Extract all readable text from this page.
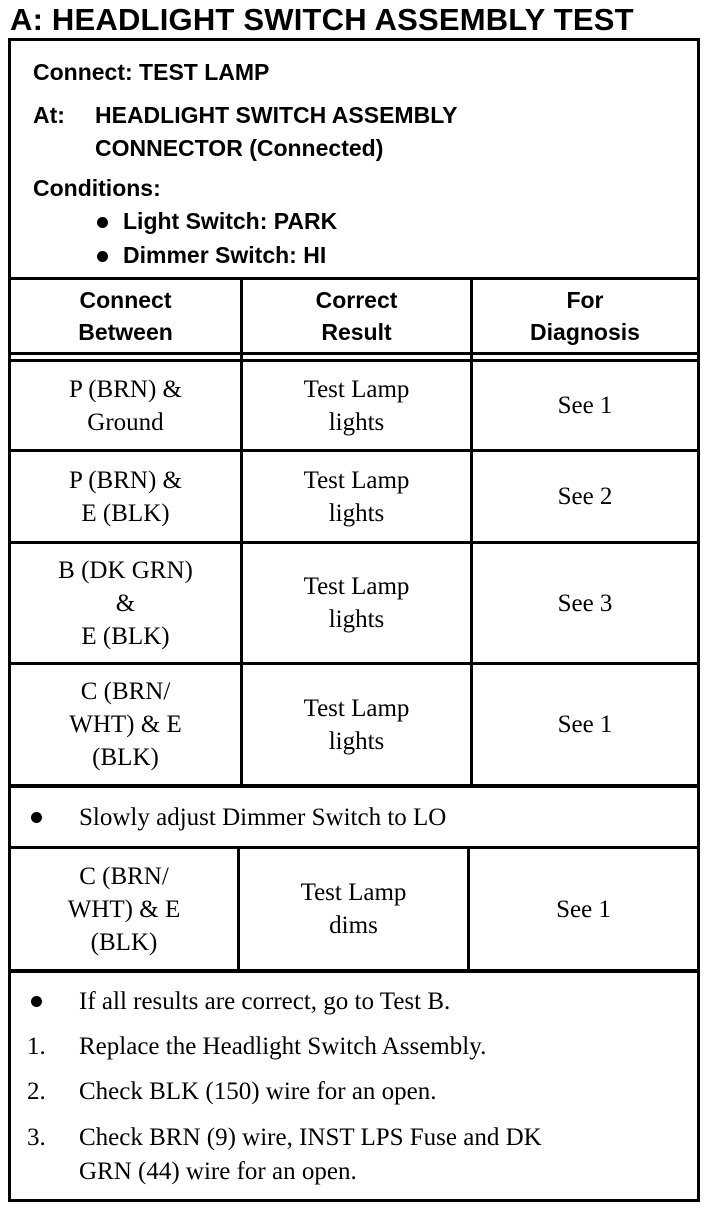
A: HEADLIGHT SWITCH ASSEMBLY TEST
Connect: TEST LAMP
At: HEADLIGHT SWITCH ASSEMBLY
CONNECTOR (Connected)
Conditions:
Light Switch: PARK
Dimmer Switch: HI
Connect
Between
Correct
Result
For
Diagnosis
P (BRN) &
Ground
Test Lamp
lights
See 1
P (BRN) &
E (BLK)
Test Lamp
lights
See 2
B (DK GRN)
&
E (BLK)
Test Lamp
lights
See 3
C (BRN/
WHT) & E
(BLK)
Test Lamp
lights
See 1
Slowly adjust Dimmer Switch to LO
C (BRN/
WHT) & E
(BLK)
Test Lamp
dims
See 1
If all results are correct, go to Test B.
1. Replace the Headlight Switch Assembly.
2. Check BLK (150) wire for an open.
3. Check BRN (9) wire, INST LPS Fuse and DK
GRN (44) wire for an open.
